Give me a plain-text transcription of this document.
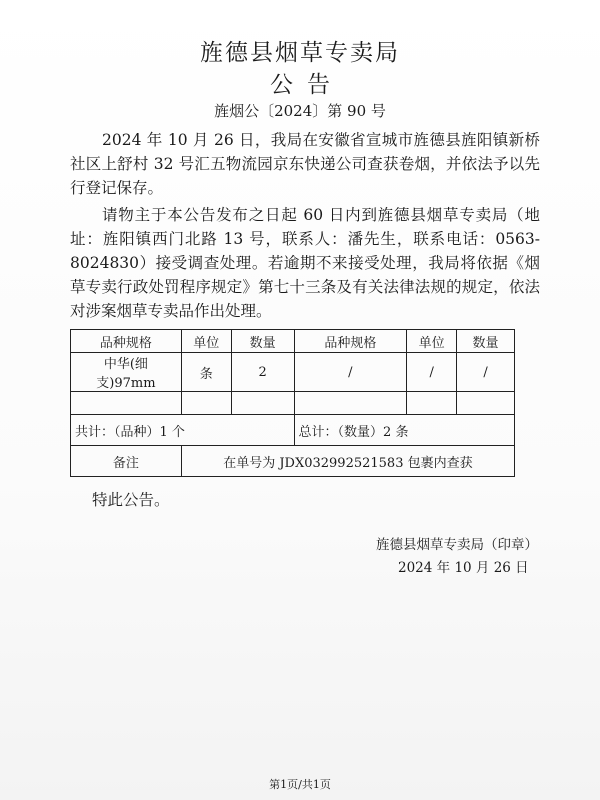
旌德县烟草专卖局
公告
旌烟公〔2024〕第 90 号
2024 年 10 月 26 日，我局在安徽省宣城市旌德县旌阳镇新桥社区上舒村 32 号汇五物流园京东快递公司查获卷烟，并依法予以先行登记保存。
请物主于本公告发布之日起 60 日内到旌德县烟草专卖局（地址：旌阳镇西门北路 13 号，联系人：潘先生，联系电话：0563-8024830）接受调查处理。若逾期不来接受处理，我局将依据《烟草专卖行政处罚程序规定》第七十三条及有关法律法规的规定，依法对涉案烟草专卖品作出处理。
品种规格	单位	数量	品种规格	单位	数量
中华(细支)97mm	条	2	/	/	/

共计：（品种）1 个			总计：（数量）2 条		
备注	在单号为 JDX032992521583 包裹内查获				
特此公告。
旌德县烟草专卖局（印章）
2024 年 10 月 26 日
第1页/共1页
